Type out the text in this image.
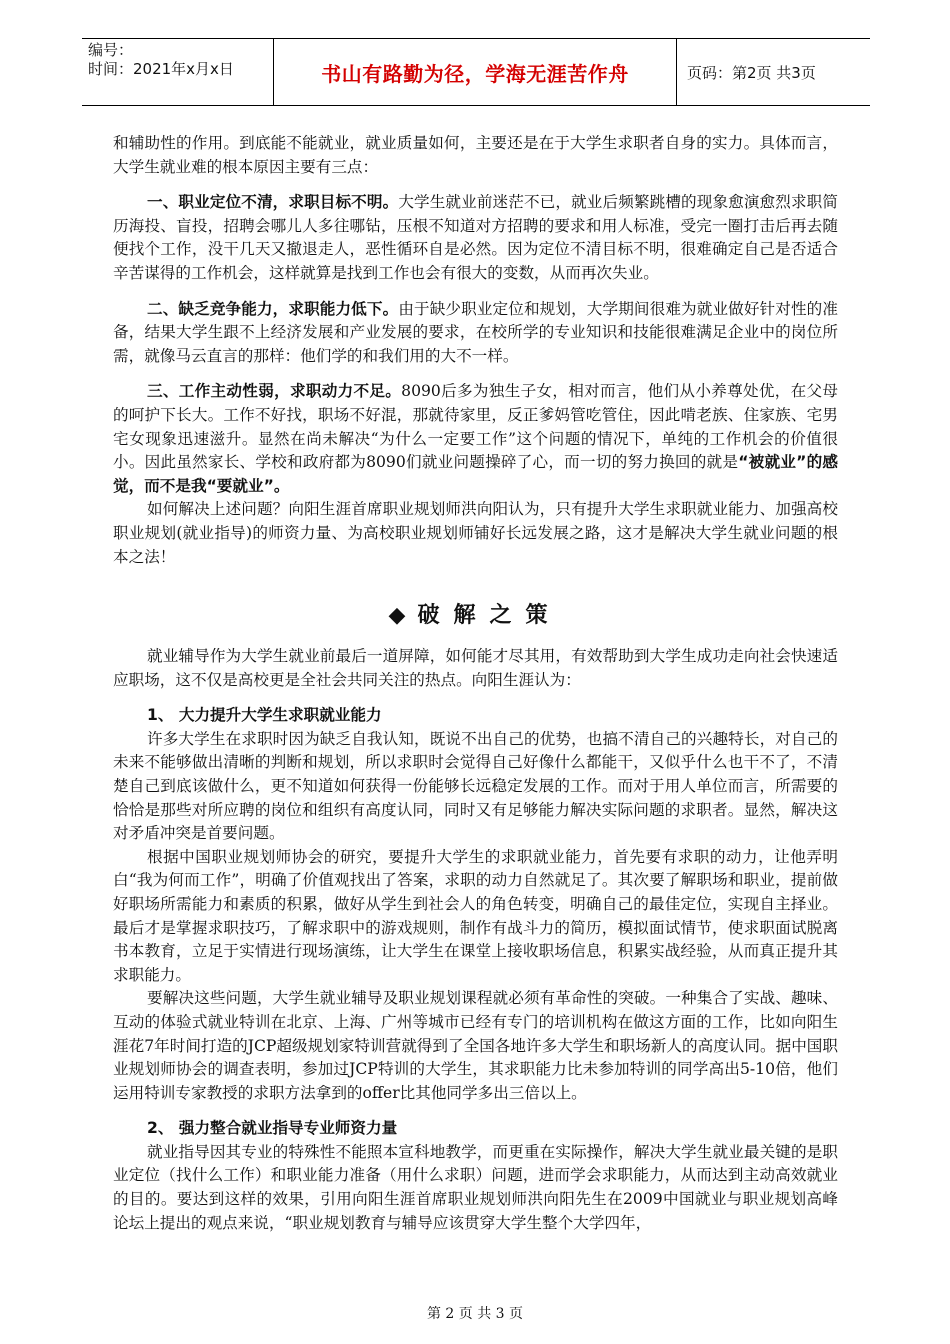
编号：
时间：2021年x月x日	书山有路勤为径，学海无涯苦作舟	页码：第2页 共3页

和辅助性的作用。到底能不能就业，就业质量如何，主要还是在于大学生求职者自身的实力。具体而言，大学生就业难的根本原因主要有三点：

一、职业定位不清，求职目标不明。大学生就业前迷茫不已，就业后频繁跳槽的现象愈演愈烈求职简历海投、盲投，招聘会哪儿人多往哪钻，压根不知道对方招聘的要求和用人标准，受完一圈打击后再去随便找个工作，没干几天又撤退走人，恶性循环自是必然。因为定位不清目标不明，很难确定自己是否适合辛苦谋得的工作机会，这样就算是找到工作也会有很大的变数，从而再次失业。

二、缺乏竞争能力，求职能力低下。由于缺少职业定位和规划，大学期间很难为就业做好针对性的准备，结果大学生跟不上经济发展和产业发展的要求，在校所学的专业知识和技能很难满足企业中的岗位所需，就像马云直言的那样：他们学的和我们用的大不一样。

三、工作主动性弱，求职动力不足。8090后多为独生子女，相对而言，他们从小养尊处优，在父母的呵护下长大。工作不好找，职场不好混，那就待家里，反正爹妈管吃管住，因此啃老族、住家族、宅男宅女现象迅速滋升。显然在尚未解决“为什么一定要工作”这个问题的情况下，单纯的工作机会的价值很小。因此虽然家长、学校和政府都为8090们就业问题操碎了心，而一切的努力换回的就是“被就业”的感觉，而不是我“要就业”。

如何解决上述问题？向阳生涯首席职业规划师洪向阳认为，只有提升大学生求职就业能力、加强高校职业规划(就业指导)的师资力量、为高校职业规划师铺好长远发展之路，这才是解决大学生就业问题的根本之法！

◆ 破解之策

就业辅导作为大学生就业前最后一道屏障，如何能才尽其用，有效帮助到大学生成功走向社会快速适应职场，这不仅是高校更是全社会共同关注的热点。向阳生涯认为：

1、 大力提升大学生求职就业能力

许多大学生在求职时因为缺乏自我认知，既说不出自己的优势，也搞不清自己的兴趣特长，对自己的未来不能够做出清晰的判断和规划，所以求职时会觉得自己好像什么都能干，又似乎什么也干不了，不清楚自己到底该做什么，更不知道如何获得一份能够长远稳定发展的工作。而对于用人单位而言，所需要的恰恰是那些对所应聘的岗位和组织有高度认同，同时又有足够能力解决实际问题的求职者。显然，解决这对矛盾冲突是首要问题。

根据中国职业规划师协会的研究，要提升大学生的求职就业能力，首先要有求职的动力，让他弄明白“我为何而工作”，明确了价值观找出了答案，求职的动力自然就足了。其次要了解职场和职业，提前做好职场所需能力和素质的积累，做好从学生到社会人的角色转变，明确自己的最佳定位，实现自主择业。最后才是掌握求职技巧，了解求职中的游戏规则，制作有战斗力的简历，模拟面试情节，使求职面试脱离书本教育，立足于实情进行现场演练，让大学生在课堂上接收职场信息，积累实战经验，从而真正提升其求职能力。

要解决这些问题，大学生就业辅导及职业规划课程就必须有革命性的突破。一种集合了实战、趣味、互动的体验式就业特训在北京、上海、广州等城市已经有专门的培训机构在做这方面的工作，比如向阳生涯花7年时间打造的JCP超级规划家特训营就得到了全国各地许多大学生和职场新人的高度认同。据中国职业规划师协会的调查表明，参加过JCP特训的大学生，其求职能力比未参加特训的同学高出5-10倍，他们运用特训专家教授的求职方法拿到的offer比其他同学多出三倍以上。

2、 强力整合就业指导专业师资力量

就业指导因其专业的特殊性不能照本宣科地教学，而更重在实际操作，解决大学生就业最关键的是职业定位（找什么工作）和职业能力准备（用什么求职）问题，进而学会求职能力，从而达到主动高效就业的目的。要达到这样的效果，引用向阳生涯首席职业规划师洪向阳先生在2009中国就业与职业规划高峰论坛上提出的观点来说，“职业规划教育与辅导应该贯穿大学生整个大学四年，

第 2 页 共 3 页
